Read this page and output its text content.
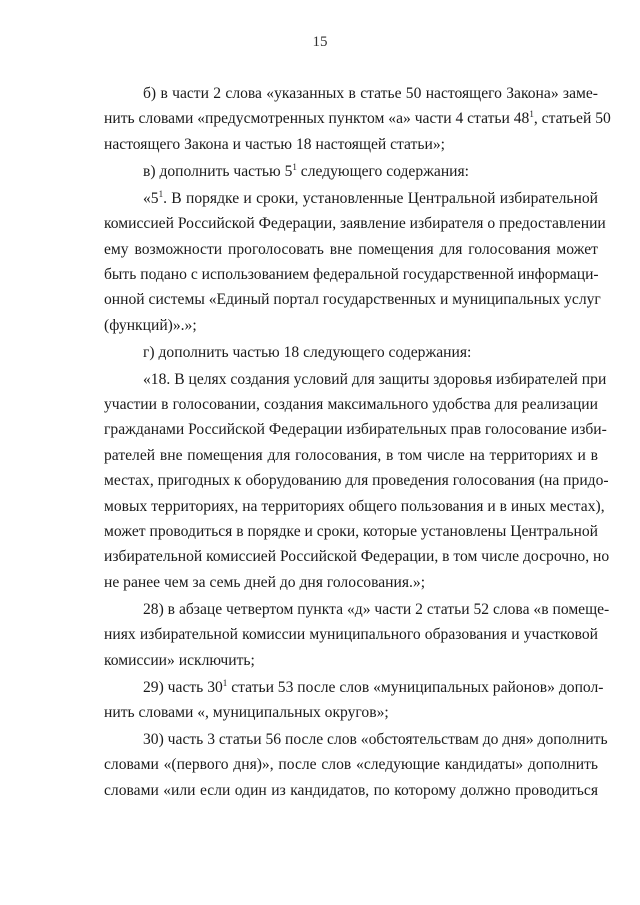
15
б) в части 2 слова «указанных в статье 50 настоящего Закона» заме-
нить словами «предусмотренных пунктом «а» части 4 статьи $48^1$, статьей 50
настоящего Закона и частью 18 настоящей статьи»;
в) дополнить частью $5^1$ следующего содержания:
«$5^1$. В порядке и сроки, установленные Центральной избирательной
комиссией Российской Федерации, заявление избирателя о предоставлении
ему возможности проголосовать вне помещения для голосования может
быть подано с использованием федеральной государственной информаци-
онной системы «Единый портал государственных и муниципальных услуг
(функций)».»;
г) дополнить частью 18 следующего содержания:
«18. В целях создания условий для защиты здоровья избирателей при
участии в голосовании, создания максимального удобства для реализации
гражданами Российской Федерации избирательных прав голосование изби-
рателей вне помещения для голосования, в том числе на территориях и в
местах, пригодных к оборудованию для проведения голосования (на придо-
мовых территориях, на территориях общего пользования и в иных местах),
может проводиться в порядке и сроки, которые установлены Центральной
избирательной комиссией Российской Федерации, в том числе досрочно, но
не ранее чем за семь дней до дня голосования.»;
28) в абзаце четвертом пункта «д» части 2 статьи 52 слова «в помеще-
ниях избирательной комиссии муниципального образования и участковой
комиссии» исключить;
29) часть $30^1$ статьи 53 после слов «муниципальных районов» допол-
нить словами «, муниципальных округов»;
30) часть 3 статьи 56 после слов «обстоятельствам до дня» дополнить
словами «(первого дня)», после слов «следующие кандидаты» дополнить
словами «или если один из кандидатов, по которому должно проводиться
